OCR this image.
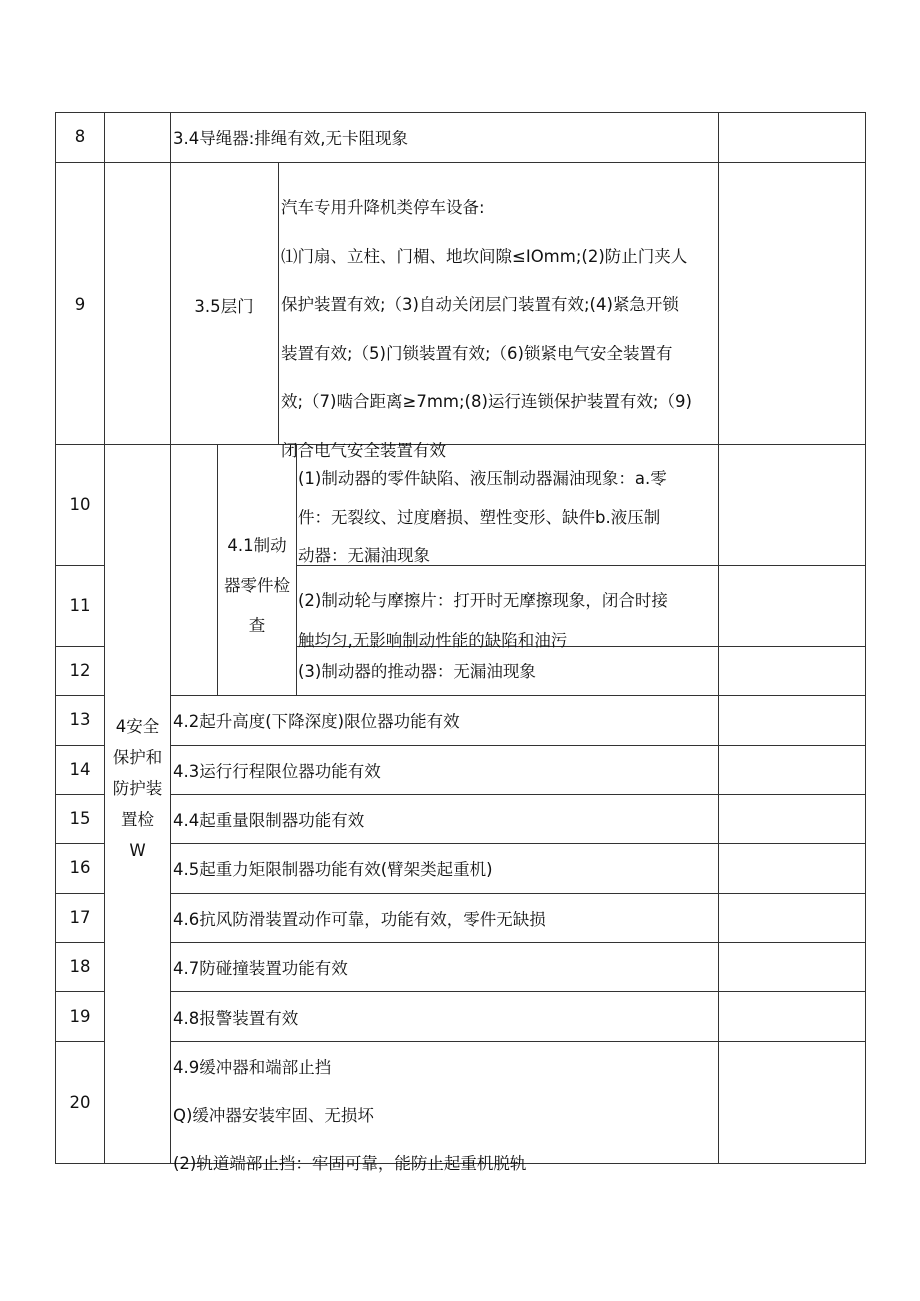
8
9
10
11
12
13
14
15
16
17
18
19
20
3.4导绳器:排绳有效,无卡阻现象
3.5层门
汽车专用升降机类停车设备:
⑴门扇、立柱、门楣、地坎间隙≤IOmm;(2)防止门夹人
保护装置有效;（3)自动关闭层门装置有效;(4)紧急开锁
装置有效;（5)门锁装置有效;（6)锁紧电气安全装置有
效;（7)啮合距离≥7mm;(8)运行连锁保护装置有效;（9)
闭合电气安全装置有效
4安全
保护和
防护装
置检
W
4.1制动
器零件检
查
(1)制动器的零件缺陷、液压制动器漏油现象：a.零
件：无裂纹、过度磨损、塑性变形、缺件b.液压制
动器：无漏油现象
(2)制动轮与摩擦片：打开时无摩擦现象，闭合时接
触均匀,无影响制动性能的缺陷和油污
(3)制动器的推动器：无漏油现象
4.2起升高度(下降深度)限位器功能有效
4.3运行行程限位器功能有效
4.4起重量限制器功能有效
4.5起重力矩限制器功能有效(臂架类起重机)
4.6抗风防滑装置动作可靠，功能有效，零件无缺损
4.7防碰撞装置功能有效
4.8报警装置有效
4.9缓冲器和端部止挡
Q)缓冲器安装牢固、无损坏
(2)轨道端部止挡：牢固可靠，能防止起重机脱轨
